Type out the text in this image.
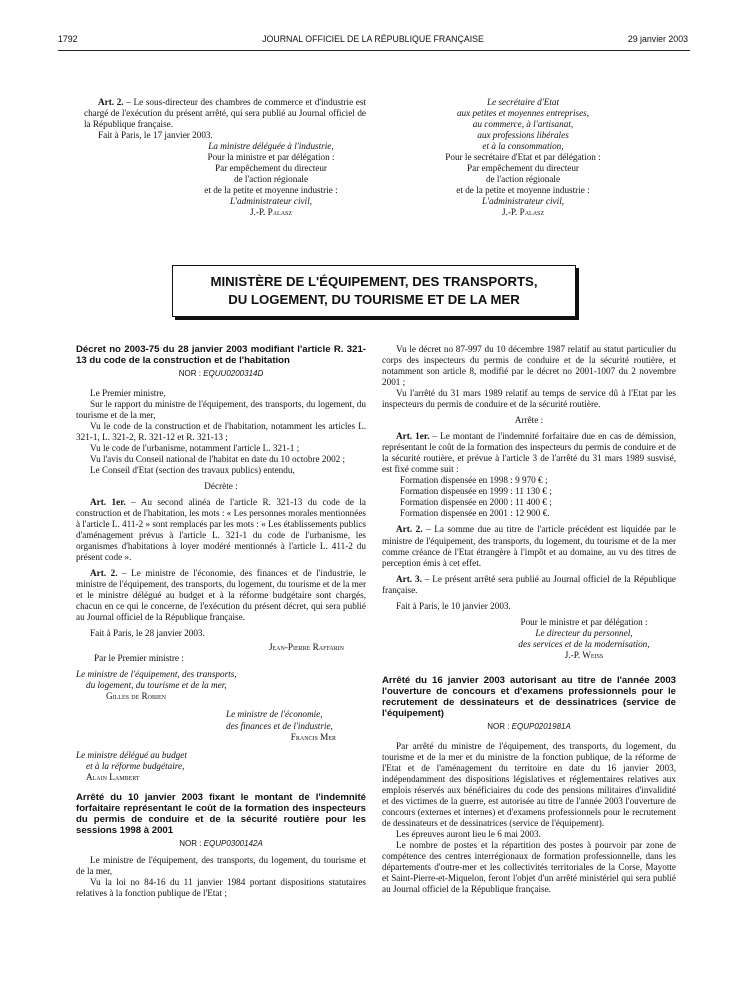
1792	JOURNAL OFFICIEL DE LA RÉPUBLIQUE FRANÇAISE	29 janvier 2003

Art. 2. – Le sous-directeur des chambres de commerce et d'industrie est chargé de l'exécution du présent arrêté, qui sera publié au Journal officiel de la République française.

Fait à Paris, le 17 janvier 2003.

La ministre déléguée à l'industrie,

Pour la ministre et par délégation :

Par empêchement du directeur

de l'action régionale

et de la petite et moyenne industrie :

L'administrateur civil,

J.-P. Palasz

Le secrétaire d'Etat

aux petites et moyennes entreprises,

au commerce, à l'artisanat,

aux professions libérales

et à la consommation,

Pour le secrétaire d'Etat et par délégation :

Par empêchement du directeur

de l'action régionale

et de la petite et moyenne industrie :

L'administrateur civil,

J.-P. Palasz

MINISTÈRE DE L'ÉQUIPEMENT, DES TRANSPORTS,
DU LOGEMENT, DU TOURISME ET DE LA MER

Décret no 2003-75 du 28 janvier 2003 modifiant l'article R. 321-13 du code de la construction et de l'habitation

NOR : EQUU0200314D

Le Premier ministre,

Sur le rapport du ministre de l'équipement, des transports, du logement, du tourisme et de la mer,

Vu le code de la construction et de l'habitation, notamment les articles L. 321-1, L. 321-2, R. 321-12 et R. 321-13 ;

Vu le code de l'urbanisme, notamment l'article L. 321-1 ;

Vu l'avis du Conseil national de l'habitat en date du 10 octobre 2002 ;

Le Conseil d'Etat (section des travaux publics) entendu,

Décrète :

Art. 1er. – Au second alinéa de l'article R. 321-13 du code de la construction et de l'habitation, les mots : « Les personnes morales mentionnées à l'article L. 411-2 » sont remplacés par les mots : « Les établissements publics d'aménagement prévus à l'article L. 321-1 du code de l'urbanisme, les organismes d'habitations à loyer modéré mentionnés à l'article L. 411-2 du présent code ».

Art. 2. – Le ministre de l'économie, des finances et de l'industrie, le ministre de l'équipement, des transports, du logement, du tourisme et de la mer et le ministre délégué au budget et à la réforme budgétaire sont chargés, chacun en ce qui le concerne, de l'exécution du présent décret, qui sera publié au Journal officiel de la République française.

Fait à Paris, le 28 janvier 2003.

Jean-Pierre Raffarin

Par le Premier ministre :

Le ministre de l'équipement, des transports,

du logement, du tourisme et de la mer,

Gilles de Robien

Le ministre de l'économie,

des finances et de l'industrie,

Francis Mer

Le ministre délégué au budget

et à la réforme budgétaire,

Alain Lambert

Arrêté du 10 janvier 2003 fixant le montant de l'indemnité forfaitaire représentant le coût de la formation des inspecteurs du permis de conduire et de la sécurité routière pour les sessions 1998 à 2001

NOR : EQUP0300142A

Le ministre de l'équipement, des transports, du logement, du tourisme et de la mer,

Vu la loi no 84-16 du 11 janvier 1984 portant dispositions statutaires relatives à la fonction publique de l'Etat ;

Vu le décret no 87-997 du 10 décembre 1987 relatif au statut particulier du corps des inspecteurs du permis de conduire et de la sécurité routière, et notamment son article 8, modifié par le décret no 2001-1007 du 2 novembre 2001 ;

Vu l'arrêté du 31 mars 1989 relatif au temps de service dû à l'Etat par les inspecteurs du permis de conduire et de la sécurité routière.

Arrête :

Art. 1er. – Le montant de l'indemnité forfaitaire due en cas de démission, représentant le coût de la formation des inspecteurs du permis de conduire et de la sécurité routière, et prévue à l'article 3 de l'arrêté du 31 mars 1989 susvisé, est fixé comme suit :

Formation dispensée en 1998 : 9 970 € ;

Formation dispensée en 1999 : 11 130 € ;

Formation dispensée en 2000 : 11 400 € ;

Formation dispensée en 2001 : 12 900 €.

Art. 2. – La somme due au titre de l'article précédent est liquidée par le ministre de l'équipement, des transports, du logement, du tourisme et de la mer comme créance de l'Etat étrangère à l'impôt et au domaine, au vu des titres de perception émis à cet effet.

Art. 3. – Le présent arrêté sera publié au Journal officiel de la République française.

Fait à Paris, le 10 janvier 2003.

Pour le ministre et par délégation :

Le directeur du personnel,

des services et de la modernisation,

J.-P. Weiss

Arrêté du 16 janvier 2003 autorisant au titre de l'année 2003 l'ouverture de concours et d'examens professionnels pour le recrutement de dessinateurs et de dessinatrices (service de l'équipement)

NOR : EQUP0201981A

Par arrêté du ministre de l'équipement, des transports, du logement, du tourisme et de la mer et du ministre de la fonction publique, de la réforme de l'Etat et de l'aménagement du territoire en date du 16 janvier 2003, indépendamment des dispositions législatives et réglementaires relatives aux emplois réservés aux bénéficiaires du code des pensions militaires d'invalidité et des victimes de la guerre, est autorisée au titre de l'année 2003 l'ouverture de concours (externes et internes) et d'examens professionnels pour le recrutement de dessinateurs et de dessinatrices (service de l'équipement).

Les épreuves auront lieu le 6 mai 2003.

Le nombre de postes et la répartition des postes à pourvoir par zone de compétence des centres interrégionaux de formation professionnelle, dans les départements d'outre-mer et les collectivités territoriales de la Corse, Mayotte et Saint-Pierre-et-Miquelon, feront l'objet d'un arrêté ministériel qui sera publié au Journal officiel de la République française.
